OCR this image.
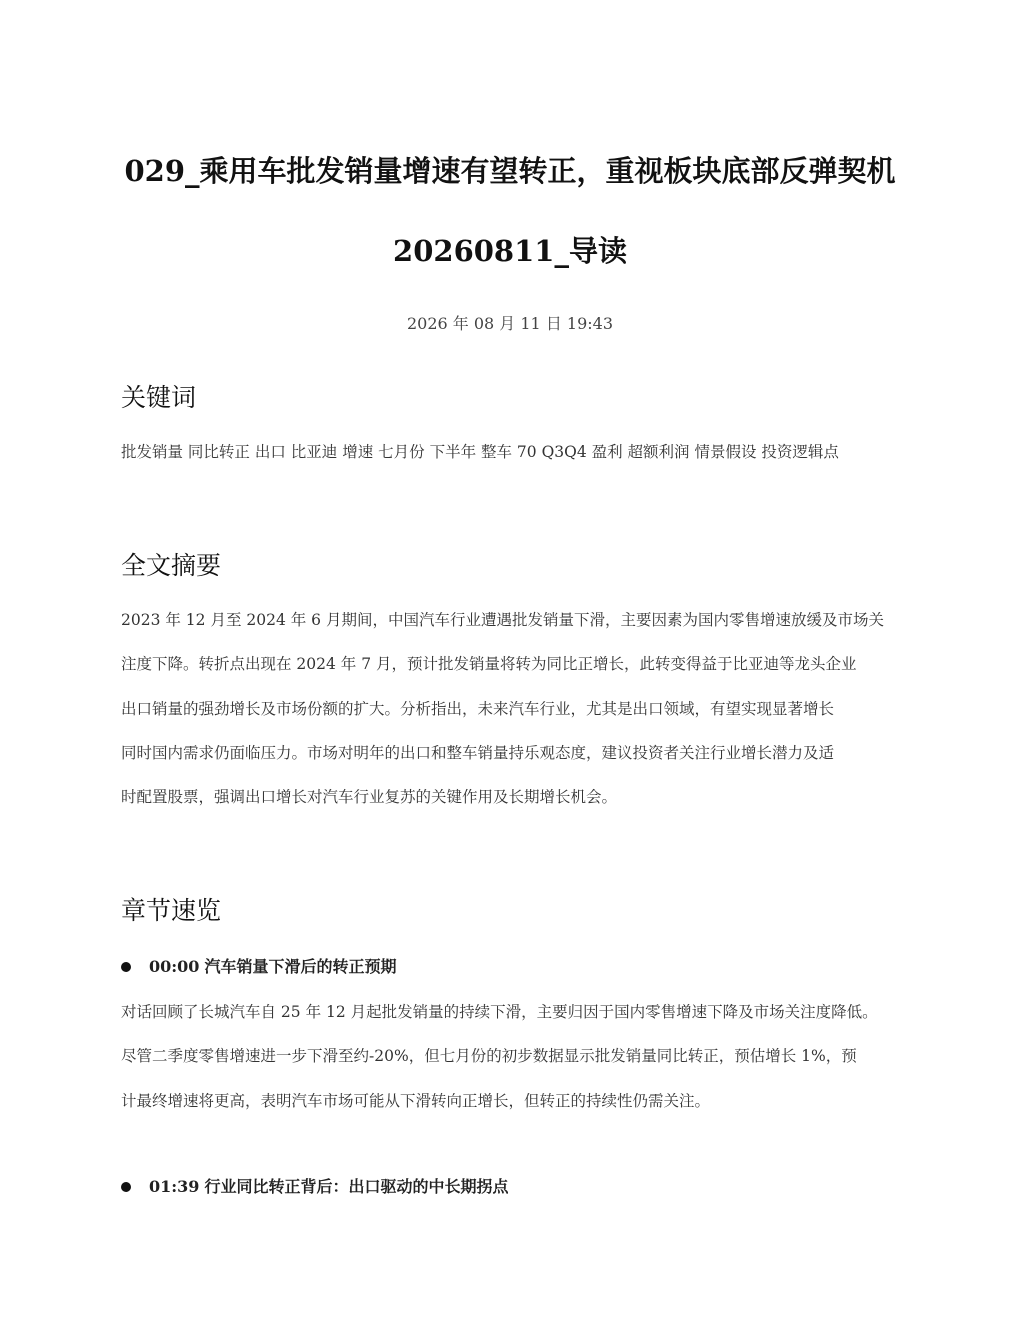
029_乘用车批发销量增速有望转正，重视板块底部反弹契机
20260811_导读
2026 年 08 月 11 日 19:43
关键词
批发销量 同比转正 出口 比亚迪 增速 七月份 下半年 整车 70 Q3Q4 盈利 超额利润 情景假设 投资逻辑点
全文摘要
2023 年 12 月至 2024 年 6 月期间，中国汽车行业遭遇批发销量下滑，主要因素为国内零售增速放缓及市场关
注度下降。转折点出现在 2024 年 7 月，预计批发销量将转为同比正增长，此转变得益于比亚迪等龙头企业
出口销量的强劲增长及市场份额的扩大。分析指出，未来汽车行业，尤其是出口领域，有望实现显著增长
同时国内需求仍面临压力。市场对明年的出口和整车销量持乐观态度，建议投资者关注行业增长潜力及适
时配置股票，强调出口增长对汽车行业复苏的关键作用及长期增长机会。
章节速览
00:00 汽车销量下滑后的转正预期
对话回顾了长城汽车自 25 年 12 月起批发销量的持续下滑，主要归因于国内零售增速下降及市场关注度降低。
尽管二季度零售增速进一步下滑至约-20%，但七月份的初步数据显示批发销量同比转正，预估增长 1%，预
计最终增速将更高，表明汽车市场可能从下滑转向正增长，但转正的持续性仍需关注。
01:39 行业同比转正背后：出口驱动的中长期拐点
